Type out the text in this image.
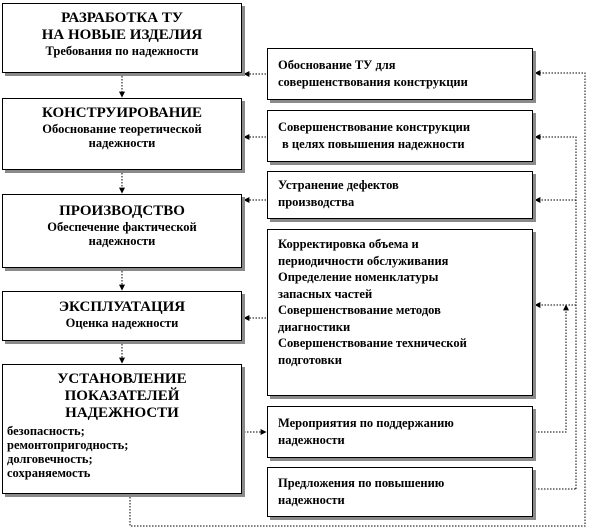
РАЗРАБОТКА ТУ
НА НОВЫЕ ИЗДЕЛИЯ
Требования по надежности
КОНСТРУИРОВАНИЕ
Обоснование теоретической
надежности
ПРОИЗВОДСТВО
Обеспечение фактической
надежности
ЭКСПЛУАТАЦИЯ
Оценка надежности
УСТАНОВЛЕНИЕ
ПОКАЗАТЕЛЕЙ
НАДЕЖНОСТИ
безопасность;
ремонтопригодность;
долговечность;
сохраняемость
Обоснование ТУ для
совершенствования конструкции
Совершенствование конструкции
в целях повышения надежности
Устранение дефектов
производства
Корректировка объема и
периодичности обслуживания
Определение номенклатуры
запасных частей
Совершенствование методов
диагностики
Совершенствование технической
подготовки
Мероприятия по поддержанию
надежности
Предложения по повышению
надежности
